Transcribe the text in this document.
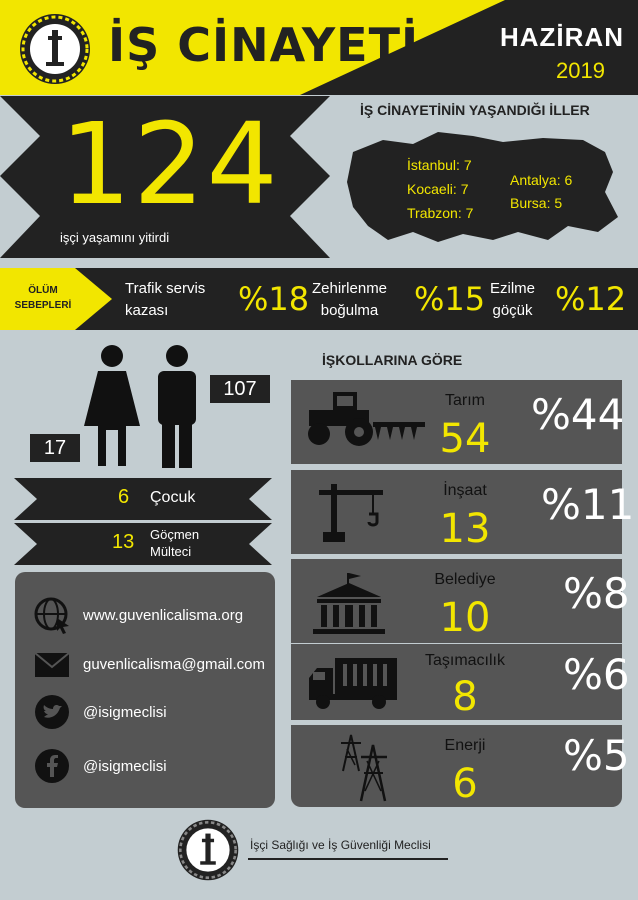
İŞ CİNAYETİ	HAZİRAN
2019
124
işçi yaşamını yitirdi
İŞ CİNAYETİNİN YAŞANDIĞI İLLER
İstanbul: 7
Kocaeli: 7
Trabzon: 7
Antalya: 6
Bursa: 5
ÖLÜM
SEBEPLERİ
Trafik servis
kazası	%18 Zehirlenme
boğulma %15 Ezilme
göçük %12
17
107
6 Çocuk
13 Göçmen
Mülteci
www.guvenlicalisma.org
guvenlicalisma@gmail.com
@isigmeclisi
@isigmeclisi
İŞKOLLARINA GÖRE
Tarım
54 %44
İnşaat
13	%11
Belediye
10	%8
Taşımacılık
8	%6
Enerji
6
%5
İşçi Sağlığı ve İş Güvenliği Meclisi
